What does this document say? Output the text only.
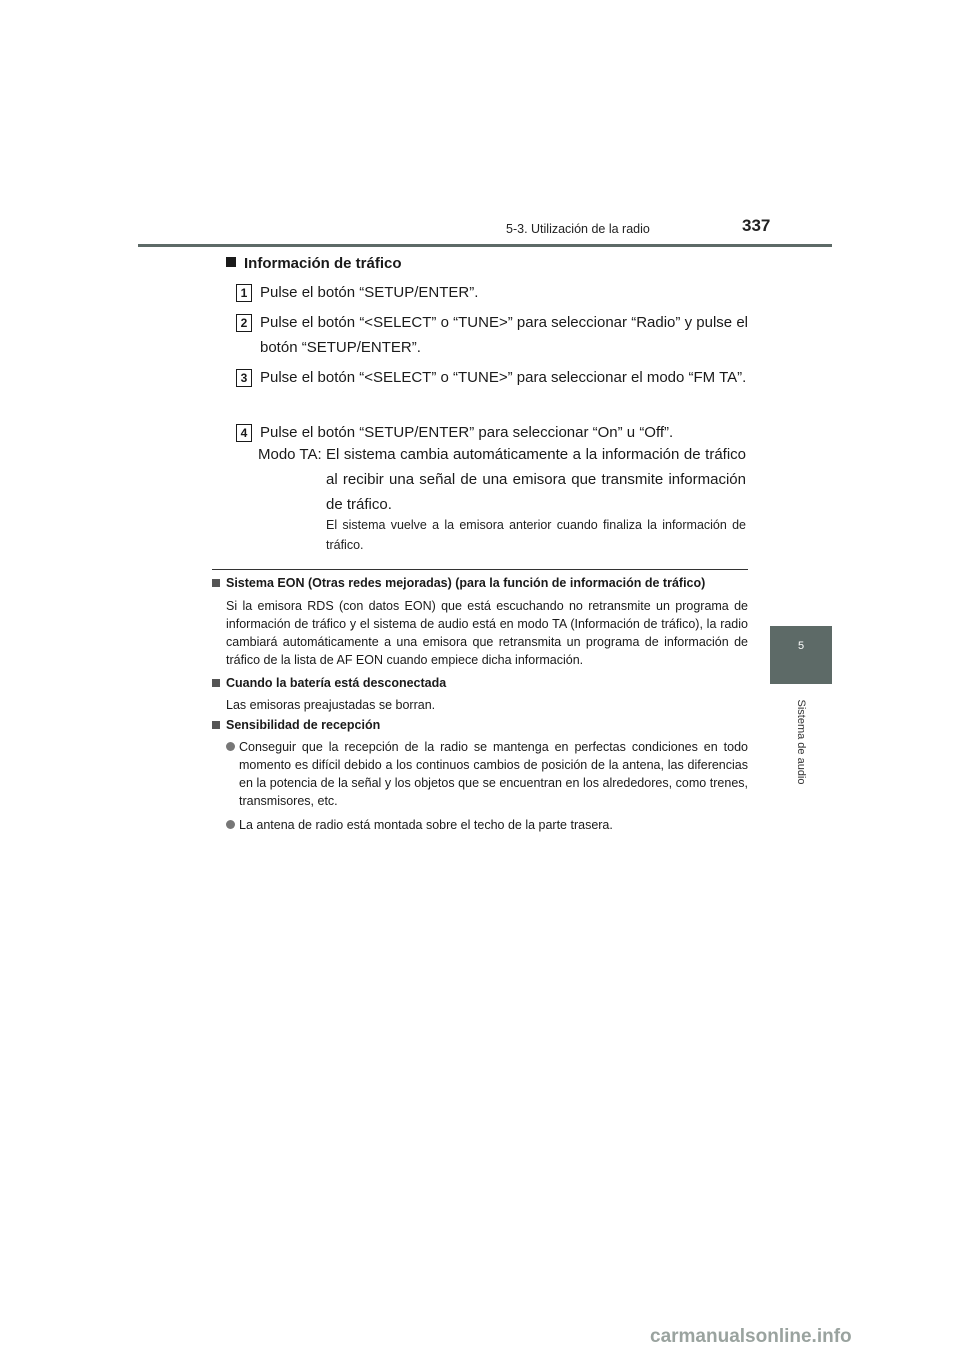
5-3. Utilización de la radio	337
5
Sistema de audio
Información de tráfico
1 Pulse el botón “SETUP/ENTER”.
2 Pulse el botón “<SELECT” o “TUNE>” para seleccionar “Radio” y pulse el botón “SETUP/ENTER”.
3 Pulse el botón “<SELECT” o “TUNE>” para seleccionar el modo “FM TA”.
4 Pulse el botón “SETUP/ENTER” para seleccionar “On” u “Off”.
Modo TA: El sistema cambia automáticamente a la información de tráfico al recibir una señal de una emisora que transmite información de tráfico.
El sistema vuelve a la emisora anterior cuando finaliza la información de tráfico.
Sistema EON (Otras redes mejoradas) (para la función de información de tráfico)
Si la emisora RDS (con datos EON) que está escuchando no retransmite un programa de información de tráfico y el sistema de audio está en modo TA (Información de tráfico), la radio cambiará automáticamente a una emisora que retransmita un programa de información de tráfico de la lista de AF EON cuando empiece dicha información.
Cuando la batería está desconectada
Las emisoras preajustadas se borran.
Sensibilidad de recepción
Conseguir que la recepción de la radio se mantenga en perfectas condiciones en todo momento es difícil debido a los continuos cambios de posición de la antena, las diferencias en la potencia de la señal y los objetos que se encuentran en los alrededores, como trenes, transmisores, etc.
La antena de radio está montada sobre el techo de la parte trasera.
carmanualsonline.info
